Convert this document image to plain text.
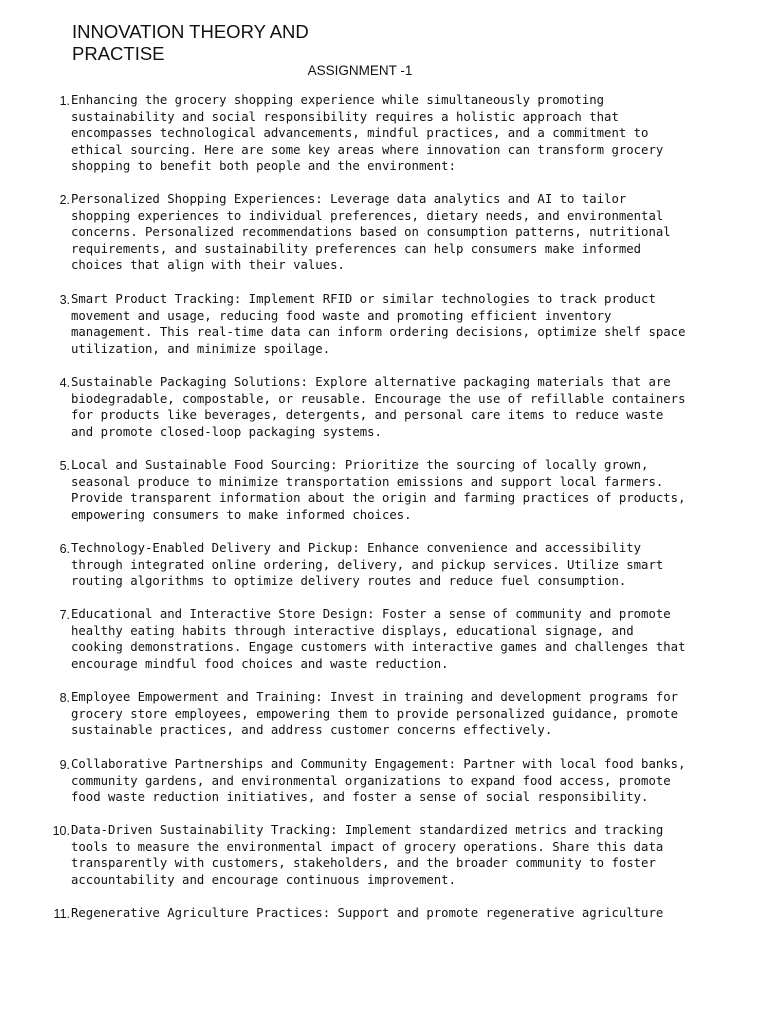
INNOVATION THEORY AND
PRACTISE
ASSIGNMENT -1
1. Enhancing the grocery shopping experience while simultaneously promoting
sustainability and social responsibility requires a holistic approach that
encompasses technological advancements, mindful practices, and a commitment to
ethical sourcing. Here are some key areas where innovation can transform grocery
shopping to benefit both people and the environment:

2. Personalized Shopping Experiences: Leverage data analytics and AI to tailor
shopping experiences to individual preferences, dietary needs, and environmental
concerns. Personalized recommendations based on consumption patterns, nutritional
requirements, and sustainability preferences can help consumers make informed
choices that align with their values.

3. Smart Product Tracking: Implement RFID or similar technologies to track product
movement and usage, reducing food waste and promoting efficient inventory
management. This real-time data can inform ordering decisions, optimize shelf space
utilization, and minimize spoilage.

4. Sustainable Packaging Solutions: Explore alternative packaging materials that are
biodegradable, compostable, or reusable. Encourage the use of refillable containers
for products like beverages, detergents, and personal care items to reduce waste
and promote closed-loop packaging systems.

5. Local and Sustainable Food Sourcing: Prioritize the sourcing of locally grown,
seasonal produce to minimize transportation emissions and support local farmers.
Provide transparent information about the origin and farming practices of products,
empowering consumers to make informed choices.

6. Technology-Enabled Delivery and Pickup: Enhance convenience and accessibility
through integrated online ordering, delivery, and pickup services. Utilize smart
routing algorithms to optimize delivery routes and reduce fuel consumption.

7. Educational and Interactive Store Design: Foster a sense of community and promote
healthy eating habits through interactive displays, educational signage, and
cooking demonstrations. Engage customers with interactive games and challenges that
encourage mindful food choices and waste reduction.

8. Employee Empowerment and Training: Invest in training and development programs for
grocery store employees, empowering them to provide personalized guidance, promote
sustainable practices, and address customer concerns effectively.

9. Collaborative Partnerships and Community Engagement: Partner with local food banks,
community gardens, and environmental organizations to expand food access, promote
food waste reduction initiatives, and foster a sense of social responsibility.

10. Data-Driven Sustainability Tracking: Implement standardized metrics and tracking
tools to measure the environmental impact of grocery operations. Share this data
transparently with customers, stakeholders, and the broader community to foster
accountability and encourage continuous improvement.

11. Regenerative Agriculture Practices: Support and promote regenerative agriculture
